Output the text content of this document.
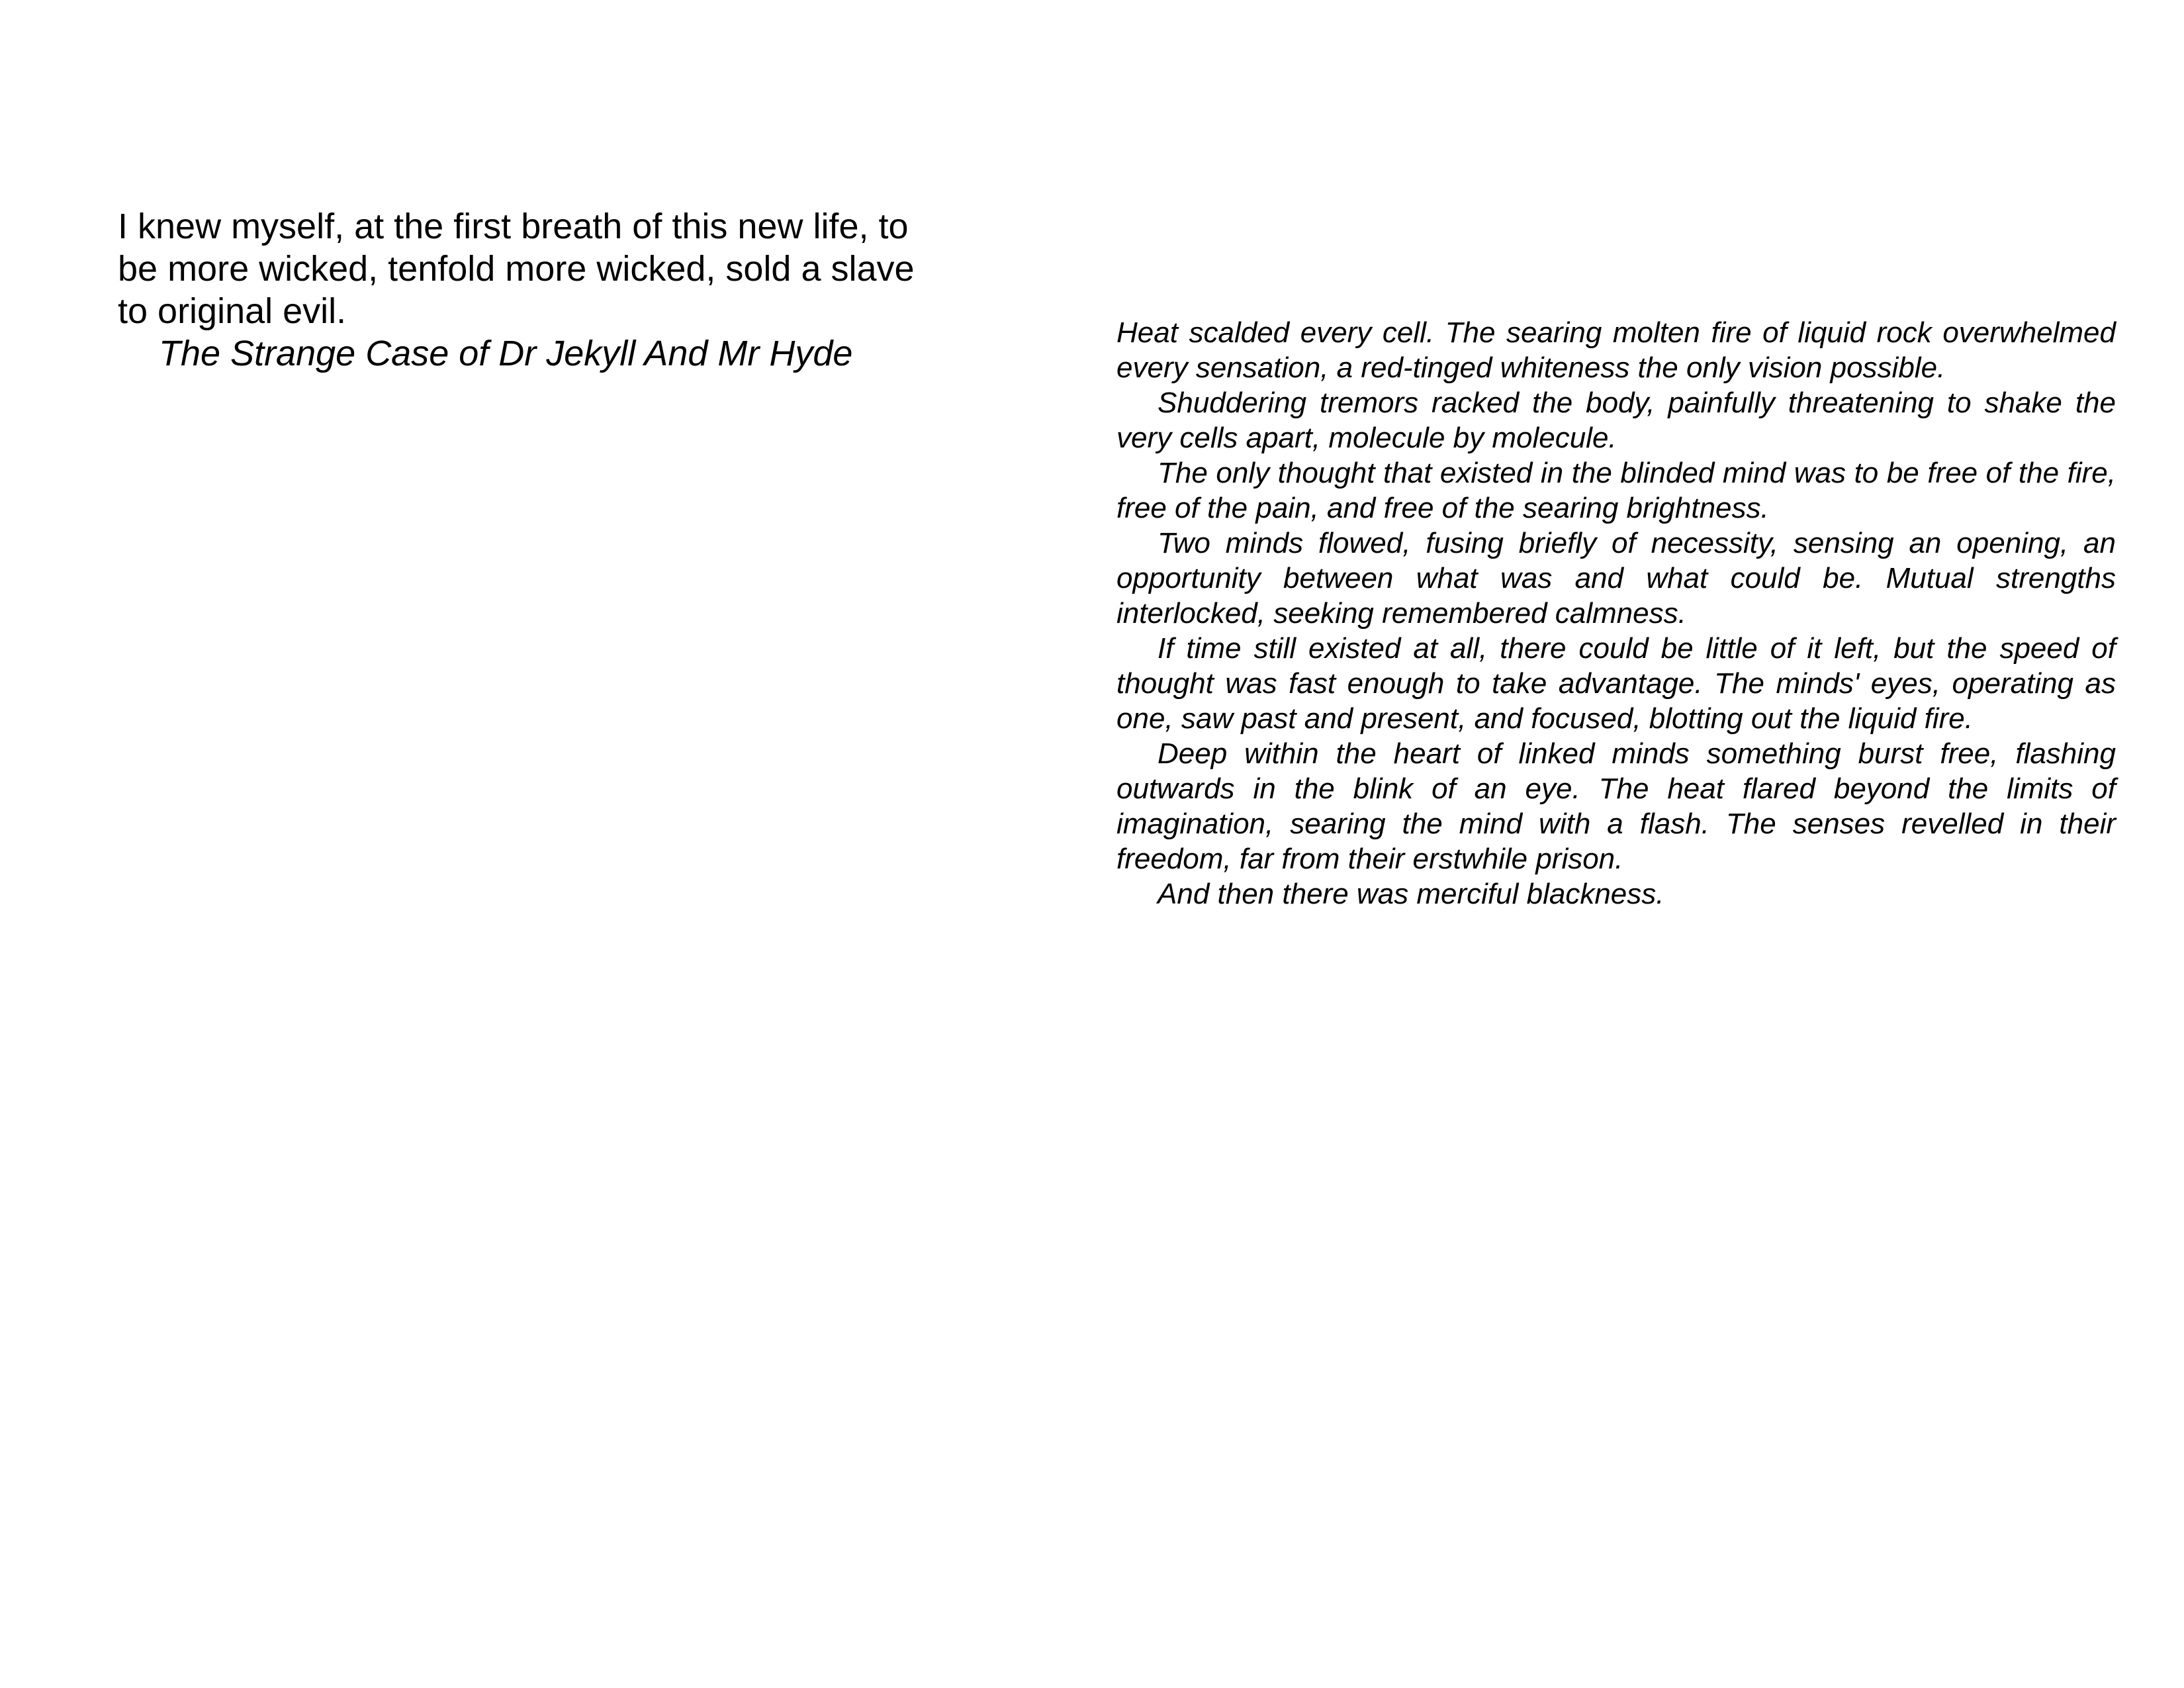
I knew myself, at the first breath of this new life, to be more wicked, tenfold more wicked, sold a slave to original evil.

The Strange Case of Dr Jekyll And Mr Hyde

Heat scalded every cell. The searing molten fire of liquid rock overwhelmed every sensation, a red-tinged whiteness the only vision possible.

Shuddering tremors racked the body, painfully threatening to shake the very cells apart, molecule by molecule.

The only thought that existed in the blinded mind was to be free of the fire, free of the pain, and free of the searing brightness.

Two minds flowed, fusing briefly of necessity, sensing an opening, an opportunity between what was and what could be. Mutual strengths interlocked, seeking remembered calmness.

If time still existed at all, there could be little of it left, but the speed of thought was fast enough to take advantage. The minds' eyes, operating as one, saw past and present, and focused, blotting out the liquid fire.

Deep within the heart of linked minds something burst free, flashing outwards in the blink of an eye. The heat flared beyond the limits of imagination, searing the mind with a flash. The senses revelled in their freedom, far from their erstwhile prison.

And then there was merciful blackness.
